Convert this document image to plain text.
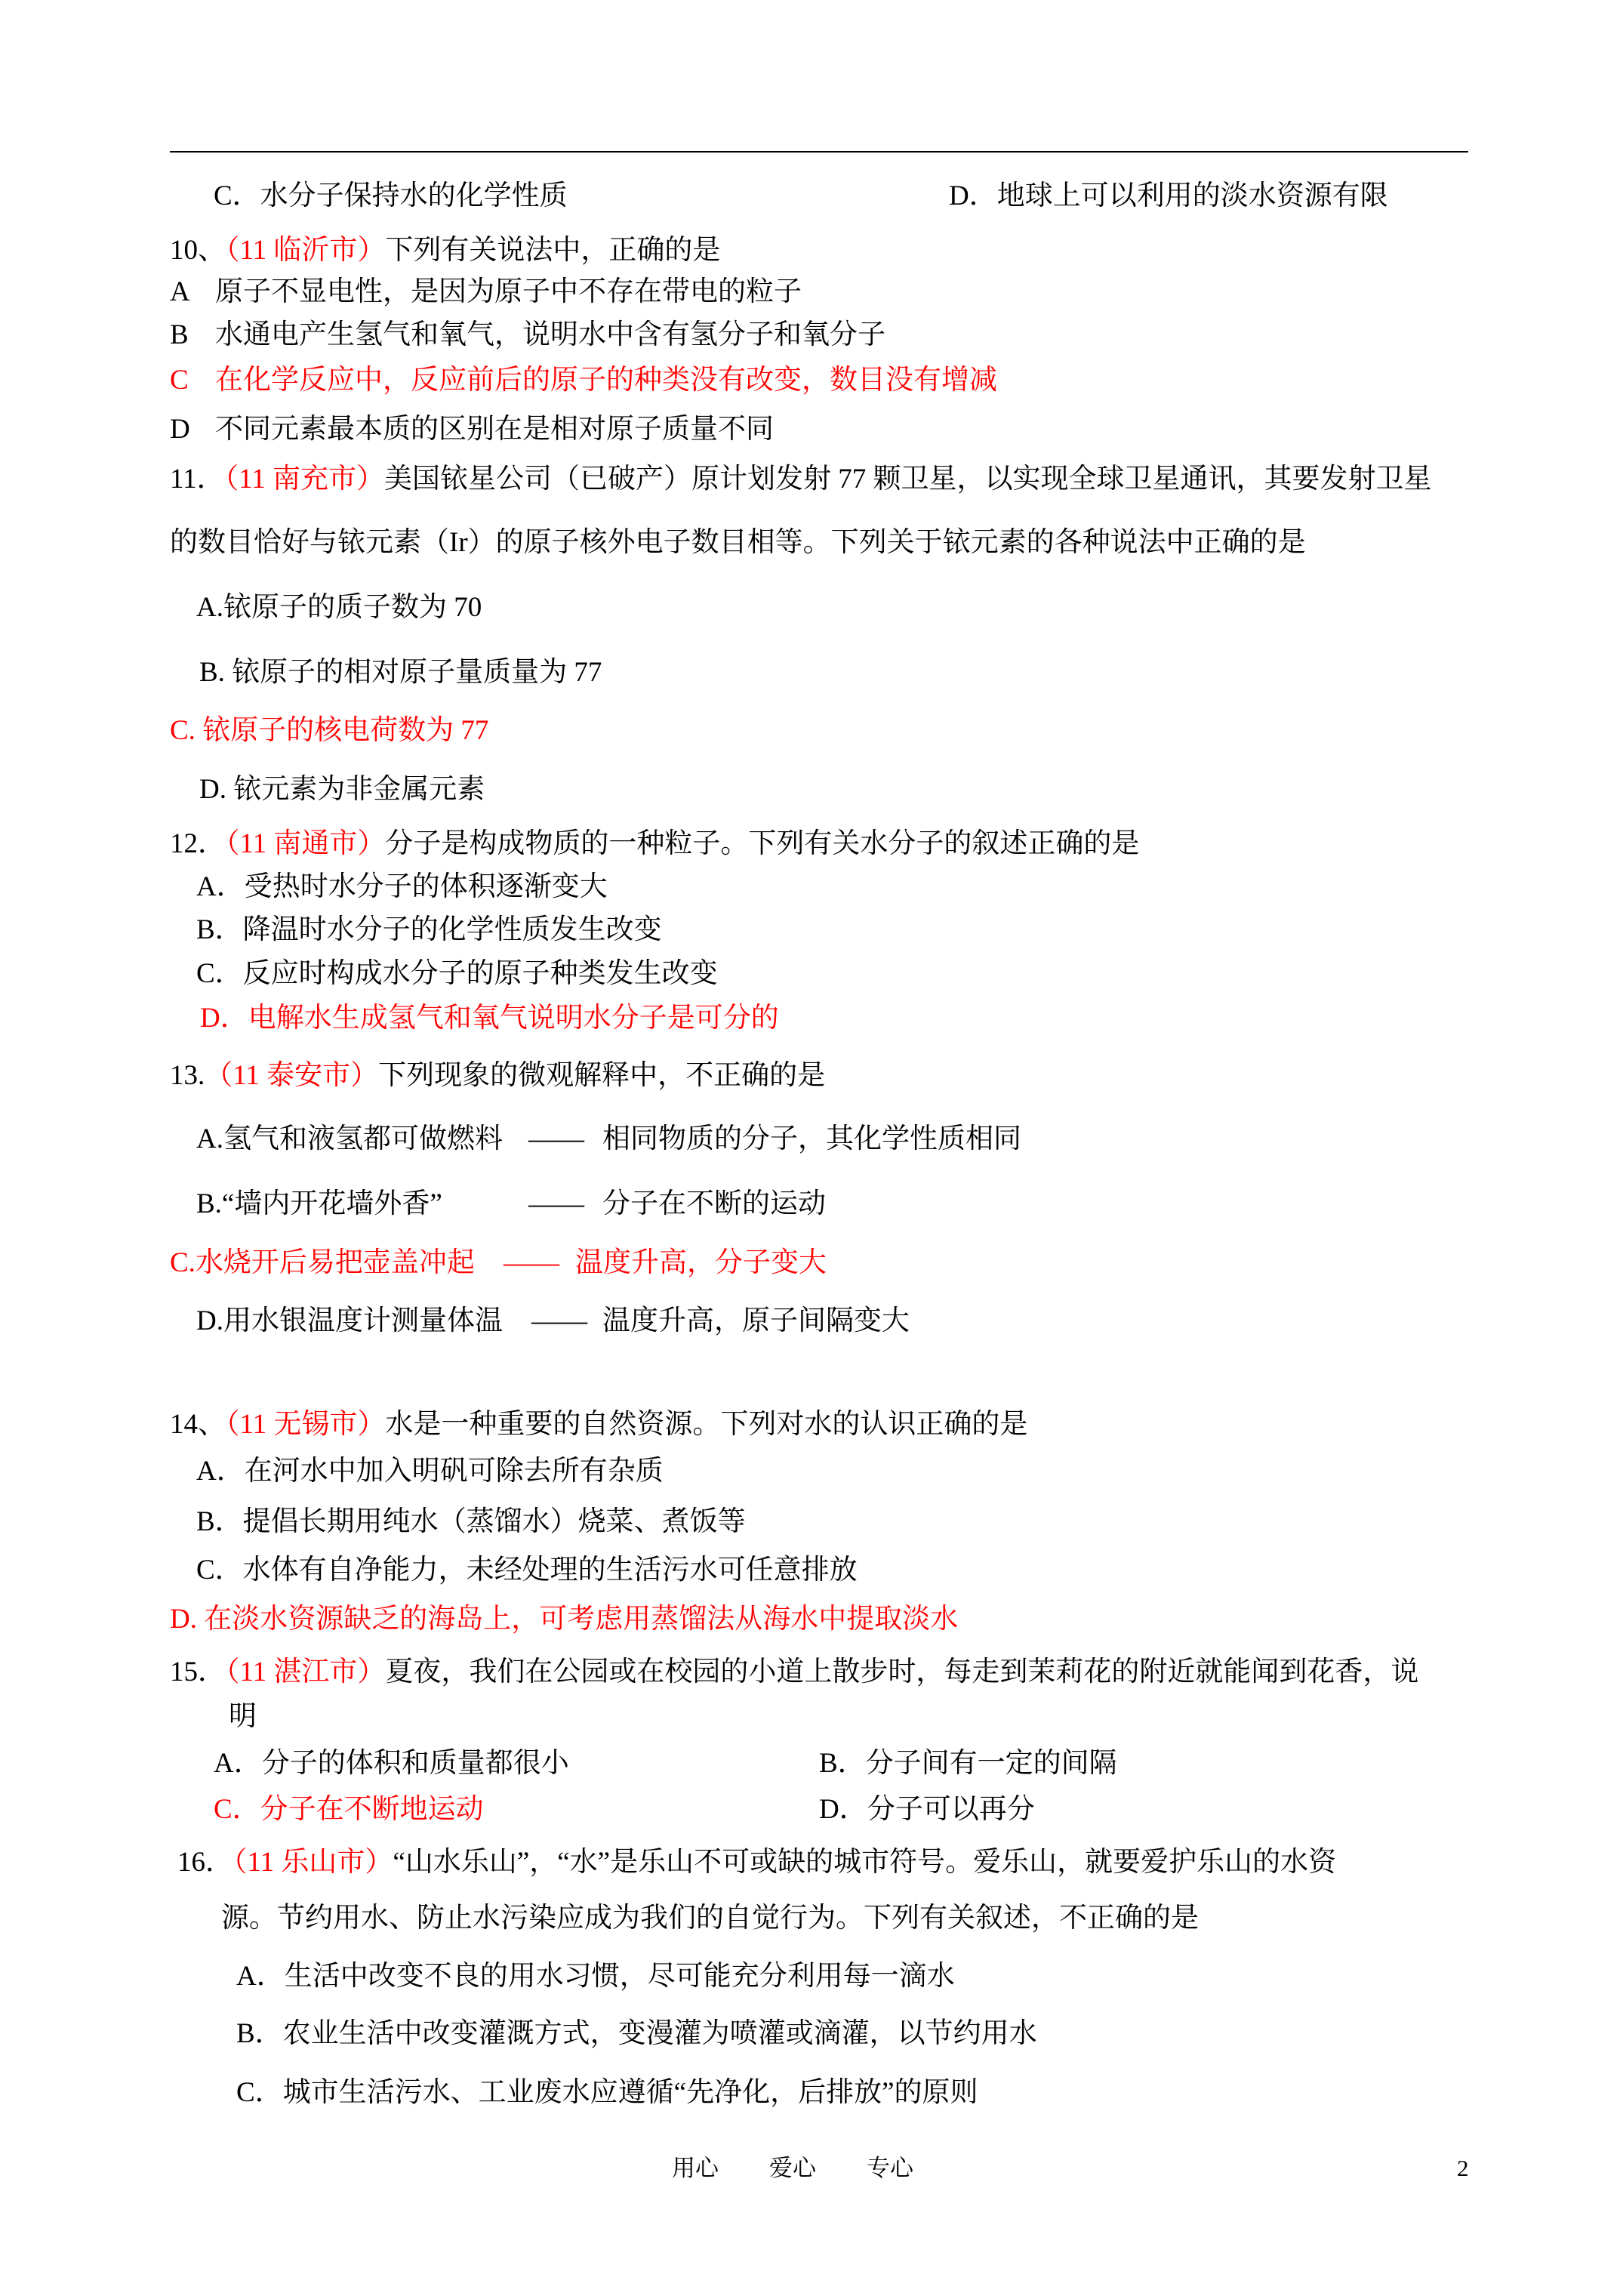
C．水分子保持水的化学性质	D．地球上可以利用的淡水资源有限
10、（11 临沂市）下列有关说法中，正确的是
A 原子不显电性，是因为原子中不存在带电的粒子
B 水通电产生氢气和氧气，说明水中含有氢分子和氧分子
C 在化学反应中，反应前后的原子的种类没有改变，数目没有增减
D 不同元素最本质的区别在是相对原子质量不同
11．（11 南充市）美国铱星公司（已破产）原计划发射 77 颗卫星，以实现全球卫星通讯，其要发射卫星
的数目恰好与铱元素（Ir）的原子核外电子数目相等。下列关于铱元素的各种说法中正确的是
A.铱原子的质子数为 70
B. 铱原子的相对原子量质量为 77
C. 铱原子的核电荷数为 77
D. 铱元素为非金属元素
12．（11 南通市）分子是构成物质的一种粒子。下列有关水分子的叙述正确的是
A．受热时水分子的体积逐渐变大
B．降温时水分子的化学性质发生改变
C．反应时构成水分子的原子种类发生改变
D．电解水生成氢气和氧气说明水分子是可分的
13.（11 泰安市）下列现象的微观解释中，不正确的是
A.氢气和液氢都可做燃料 —— 相同物质的分子，其化学性质相同
B.“墙内开花墙外香”	—— 分子在不断的运动
C.水烧开后易把壶盖冲起 —— 温度升高，分子变大
D.用水银温度计测量体温 —— 温度升高，原子间隔变大
14、（11 无锡市）水是一种重要的自然资源。下列对水的认识正确的是
A．在河水中加入明矾可除去所有杂质
B．提倡长期用纯水（蒸馏水）烧菜、煮饭等
C．水体有自净能力，未经处理的生活污水可任意排放
D. 在淡水资源缺乏的海岛上，可考虑用蒸馏法从海水中提取淡水
15．（11 湛江市）夏夜，我们在公园或在校园的小道上散步时，每走到茉莉花的附近就能闻到花香，说
明
A．分子的体积和质量都很小	B．分子间有一定的间隔
C．分子在不断地运动	D．分子可以再分
16．（11 乐山市）“山水乐山”，“水”是乐山不可或缺的城市符号。爱乐山，就要爱护乐山的水资
源。节约用水、防止水污染应成为我们的自觉行为。下列有关叙述，不正确的是
A．生活中改变不良的用水习惯，尽可能充分利用每一滴水
B．农业生活中改变灌溉方式，变漫灌为喷灌或滴灌，以节约用水
C．城市生活污水、工业废水应遵循“先净化，后排放”的原则
用心 爱心 专心	2
